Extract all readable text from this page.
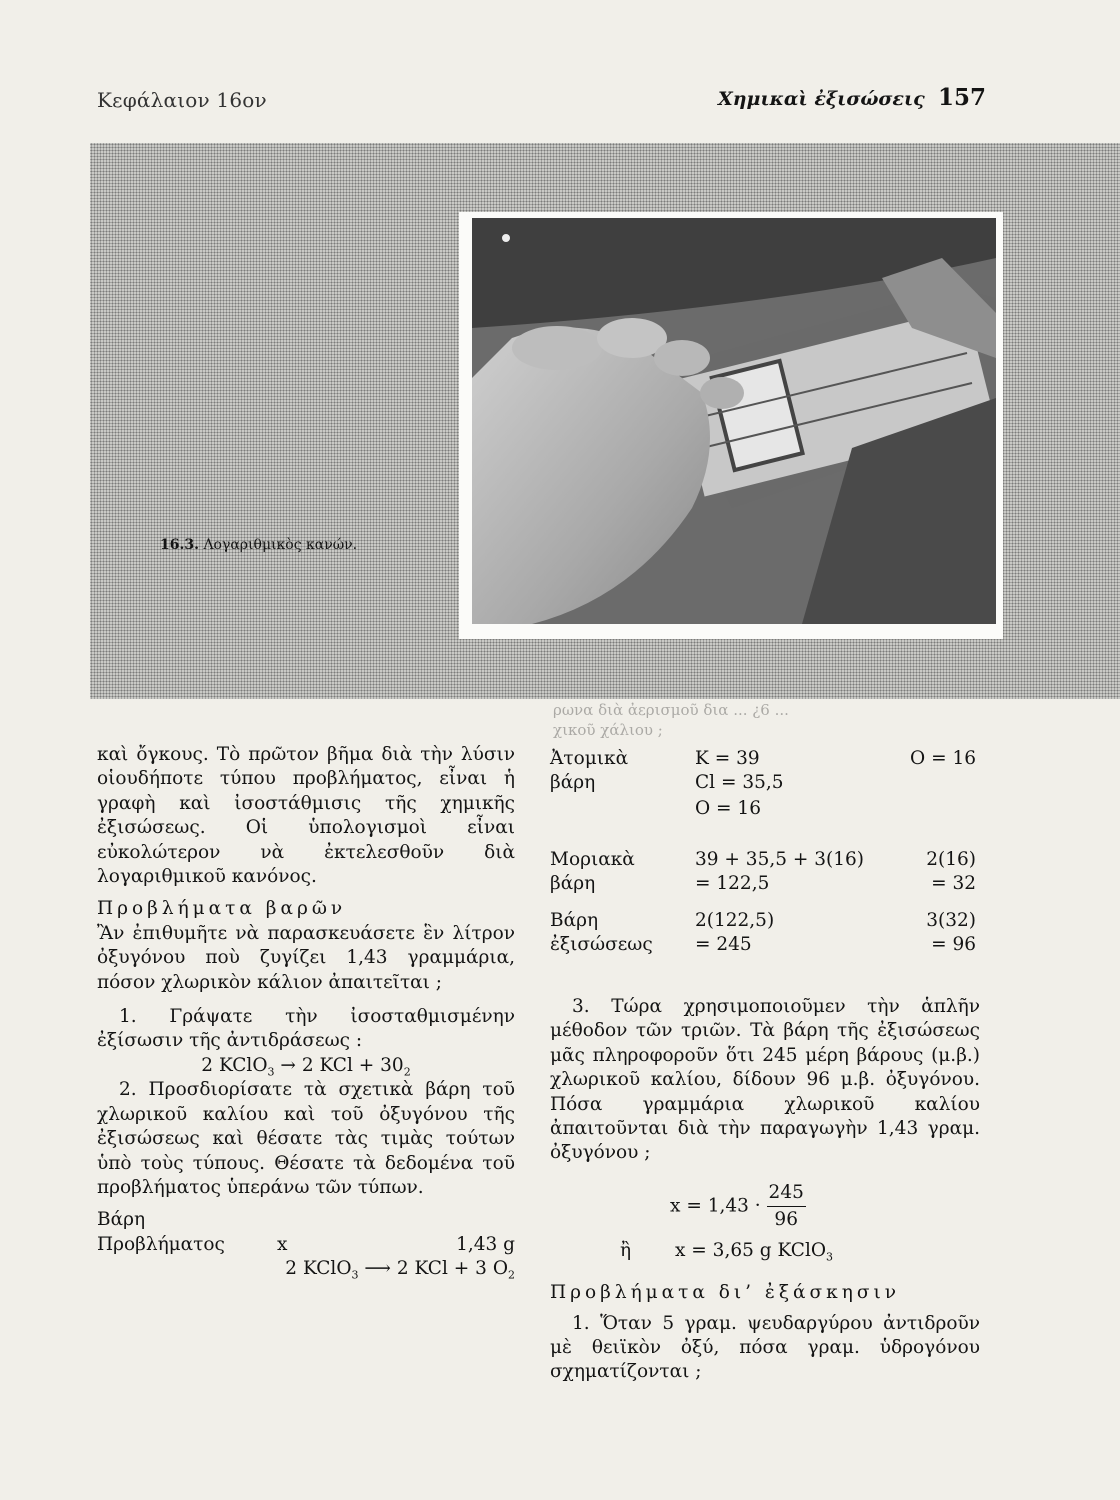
Κεφάλαιον 16ον	Χημικαὶ ἐξισώσεις 157
16.3. Λογαριθμικὸς κανών.
ρωνα διὰ ἀερισμοῦ δια ... ¿6 ...
χικοῦ χάλιου ;

καὶ ὄγκους. Τὸ πρῶτον βῆμα διὰ τὴν λύσιν οἱουδήποτε τύπου προβλήματος, εἶναι ἡ γραφὴ καὶ ἰσοστάθμισις τῆς χημικῆς ἐξισώσεως. Οἱ ὑπολογισμοὶ εἶναι εὐκολώτερον νὰ ἐκτελεσθοῦν διὰ λογαριθμικοῦ κανόνος.

Προβλήματα βαρῶν

Ἂν ἐπιθυμῆτε νὰ παρασκευάσετε ἓν λίτρον ὀξυγόνου ποὺ ζυγίζει 1,43 γραμμάρια, πόσον χλωρικὸν κάλιον ἀπαιτεῖται ;

1. Γράψατε τὴν ἰσοσταθμισμένην ἐξίσωσιν τῆς ἀντιδράσεως :

2 KClO$_3$ → 2 KCl + $30_2$

2. Προσδιορίσατε τὰ σχετικὰ βάρη τοῦ χλωρικοῦ καλίου καὶ τοῦ ὀξυγόνου τῆς ἐξισώσεως καὶ θέσατε τὰς τιμὰς τούτων ὑπὸ τοὺς τύπους. Θέσατε τὰ δεδομένα τοῦ προβλήματος ὑπεράνω τῶν τύπων.

Βάρη

Προβλήματος	x	1,43 g

2 KClO$_3$ ⟶ 2 KCl + 3 $O_2$

Ἀτομικὰ
βάρη
K = 39	O = 16
Cl = 35,5
O = 16
Μοριακὰ
βάρη
39 + 35,5 + 3(16)	2(16)
= 122,5	= 32
Βάρη
ἐξισώσεως
2(122,5)	3(32)
= 245	= 96

3. Τώρα χρησιμοποιοῦμεν τὴν ἁπλῆν μέθοδον τῶν τριῶν. Τὰ βάρη τῆς ἐξισώσεως μᾶς πληροφοροῦν ὅτι 245 μέρη βάρους (μ.β.) χλωρικοῦ καλίου, δίδουν 96 μ.β. ὀξυγόνου. Πόσα γραμμάρια χλωρικοῦ καλίου ἀπαιτοῦνται διὰ τὴν παραγωγὴν 1,43 γραμ. ὀξυγόνου ;

$x = 1,43 \cdot \frac{245}{96}$
ἢ x = 3,65 g KClO$_3$

Προβλήματα δι’ ἐξάσκησιν

1. Ὅταν 5 γραμ. ψευδαργύρου ἀντιδροῦν μὲ θειϊκὸν ὀξύ, πόσα γραμ. ὑδρογόνου σχηματίζονται ;
